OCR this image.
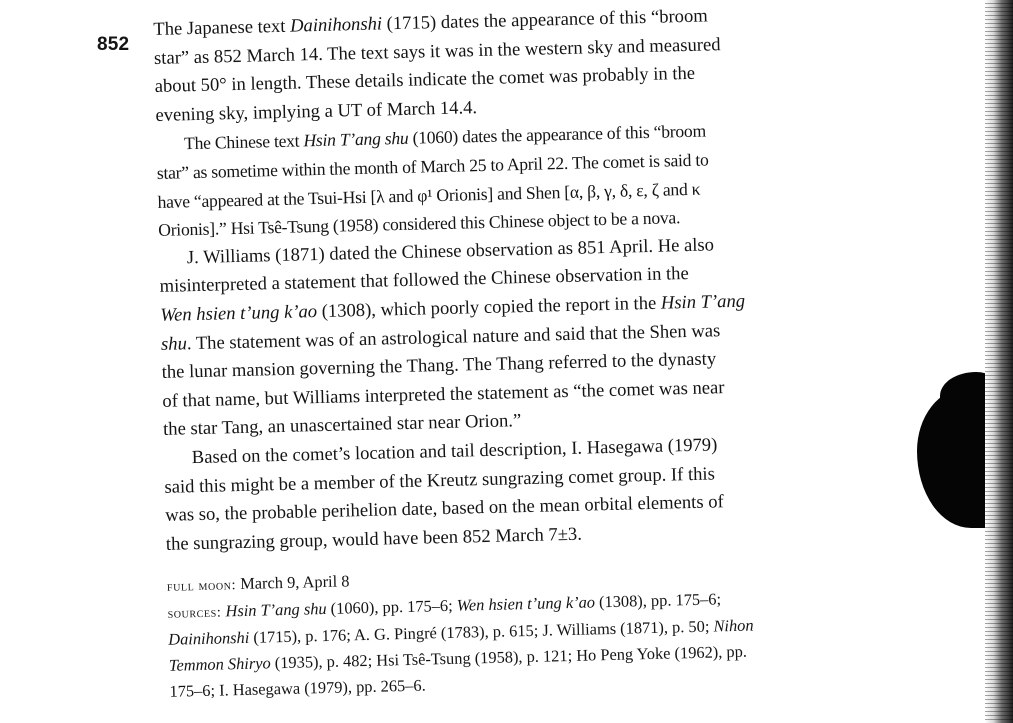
852

The Japanese text Dainihonshi (1715) dates the appearance of this “broom
star” as 852 March 14. The text says it was in the western sky and measured
about 50° in length. These details indicate the comet was probably in the
evening sky, implying a UT of March 14.4.

The Chinese text Hsin T’ang shu (1060) dates the appearance of this “broom
star” as sometime within the month of March 25 to April 22. The comet is said to
have “appeared at the Tsui-Hsi [λ and φ¹ Orionis] and Shen [α, β, γ, δ, ε, ζ and κ
Orionis].” Hsi Tsê-Tsung (1958) considered this Chinese object to be a nova.

J. Williams (1871) dated the Chinese observation as 851 April. He also
misinterpreted a statement that followed the Chinese observation in the
Wen hsien t’ung k’ao (1308), which poorly copied the report in the Hsin T’ang
shu. The statement was of an astrological nature and said that the Shen was
the lunar mansion governing the Thang. The Thang referred to the dynasty
of that name, but Williams interpreted the statement as “the comet was near
the star Tang, an unascertained star near Orion.”

Based on the comet’s location and tail description, I. Hasegawa (1979)
said this might be a member of the Kreutz sungrazing comet group. If this
was so, the probable perihelion date, based on the mean orbital elements of
the sungrazing group, would have been 852 March 7±3.

full moon: March 9, April 8
sources: Hsin T’ang shu (1060), pp. 175–6; Wen hsien t’ung k’ao (1308), pp. 175–6;
Dainihonshi (1715), p. 176; A. G. Pingré (1783), p. 615; J. Williams (1871), p. 50; Nihon
Temmon Shiryo (1935), p. 482; Hsi Tsê-Tsung (1958), p. 121; Ho Peng Yoke (1962), pp.
175–6; I. Hasegawa (1979), pp. 265–6.
